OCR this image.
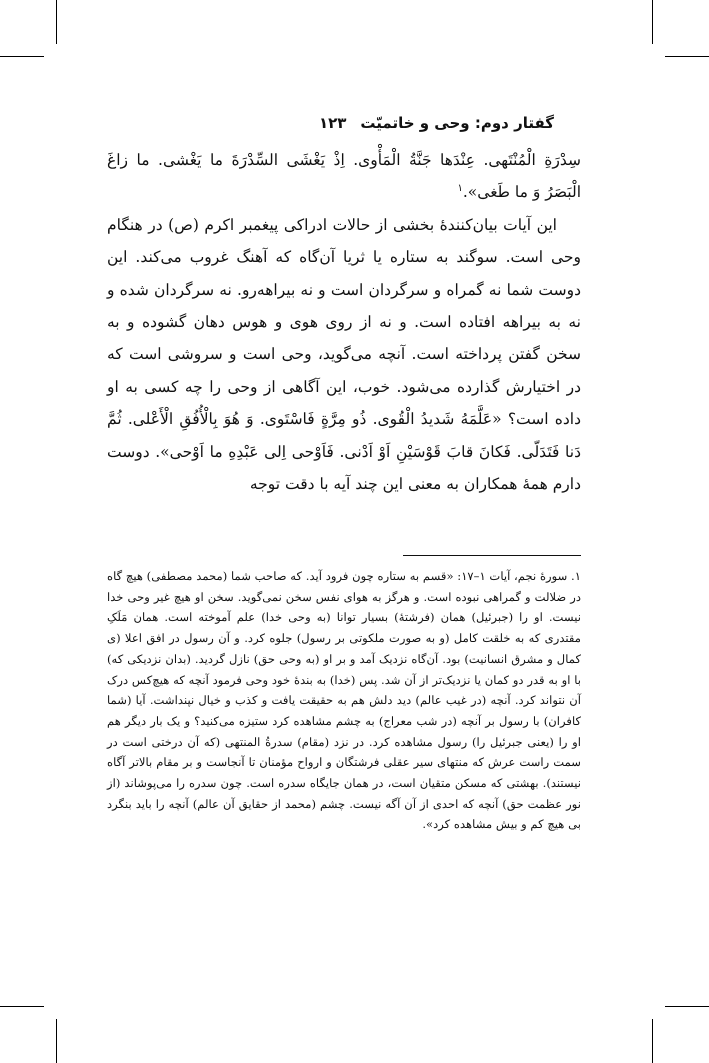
گفتار دوم: وحی و خاتمیّت۱۲۳

سِدْرَةِ الْمُنْتَهى. عِنْدَها جَنَّةُ الْمَأْوى. اِذْ يَغْشَى السِّدْرَةَ ما يَغْشى. ما زاغَ الْبَصَرُ وَ ما طَغى».$^۱$

این آیات بیان‌کنندهٔ بخشی از حالات ادراکی پیغمبر اکرم (ص) در هنگام وحی است. سوگند به ستاره یا ثریا آن‌گاه که آهنگ غروب می‌کند. این دوست شما نه گمراه و سرگردان است و نه بیراهه‌رو. نه سرگردان شده و نه به بیراهه افتاده است. و نه از روی هوی و هوس دهان گشوده و به سخن گفتن پرداخته است. آنچه می‌گوید، وحی است و سروشی است که در اختیارش گذارده می‌شود. خوب، این آگاهی از وحی را چه کسی به او داده است؟ «عَلَّمَهُ شَديدُ الْقُوى. ذُو مِرَّةٍ فَاسْتَوى. وَ هُوَ بِالْأُفُقِ الْأَعْلى. ثُمَّ دَنا فَتَدَلّى. فَكانَ قابَ قَوْسَيْنِ اَوْ اَدْنى. فَاَوْحى اِلى عَبْدِهِ ما اَوْحى». دوست دارم همهٔ همکاران به معنی این چند آیه با دقت توجه

۱. سورهٔ نجم، آیات ۱–۱۷: «قسم به ستاره چون فرود آید. که صاحب شما (محمد مصطفی) هیچ گاه در ضلالت و گمراهی نبوده است. و هرگز به هوای نفس سخن نمی‌گوید. سخن او هیچ غیر وحی خدا نیست. او را (جبرئیل) همان (فرشتهٔ) بسیار توانا (به وحی خدا) علم آموخته است. همان مَلَکِ مقتدری که به خلقت کامل (و به صورت ملکوتی بر رسول) جلوه کرد. و آن رسول در افق اعلا (ی کمال و مشرق انسانیت) بود. آن‌گاه نزدیک آمد و بر او (به وحی حق) نازل گردید. (بدان نزدیکی که) با او به قدر دو کمان یا نزدیک‌تر از آن شد. پس (خدا) به بندهٔ خود وحی فرمود آنچه که هیچ‌کس درک آن نتواند کرد. آنچه (در غیب عالم) دید دلش هم به حقیقت یافت و کذب و خیال نپنداشت. آیا (شما کافران) با رسول بر آنچه (در شب معراج) به چشم مشاهده کرد ستیزه می‌کنید؟ و یک بار دیگر هم او را (یعنی جبرئیل را) رسول مشاهده کرد. در نزد (مقام) سدرةُ المنتهی (که آن درختی است در سمت راست عرش که منتهای سیر عقلی فرشتگان و ارواح مؤمنان تا آنجاست و بر مقام بالاتر آگاه نیستند). بهشتی که مسکن متقیان است، در همان جایگاه سدره است. چون سدره را می‌پوشاند (از نور عظمت حق) آنچه که احدی از آن آگه نیست. چشم (محمد از حقایق آن عالم) آنچه را باید بنگرد بی هیچ کم و بیش مشاهده کرد».
